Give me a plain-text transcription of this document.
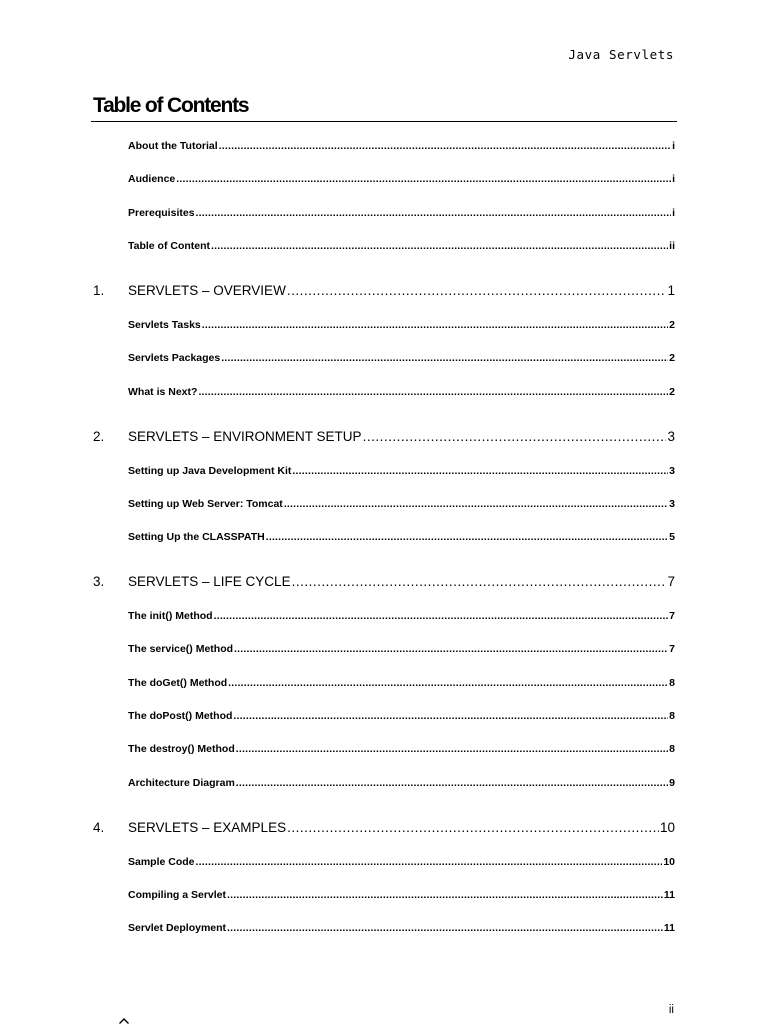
Java Servlets
Table of Contents
About the Tutorial .....	i
Audience .....	i
Prerequisites .....	i
Table of Content .....	ii
1.	SERVLETS – OVERVIEW .....	1
Servlets Tasks .....	2
Servlets Packages .....	2
What is Next? .....	2
2.	SERVLETS – ENVIRONMENT SETUP .....	3
Setting up Java Development Kit .....	3
Setting up Web Server: Tomcat .....	3
Setting Up the CLASSPATH .....	5
3.	SERVLETS – LIFE CYCLE .....	7
The init() Method .....	7
The service() Method .....	7
The doGet() Method .....	8
The doPost() Method .....	8
The destroy() Method .....	8
Architecture Diagram .....	9
4.	SERVLETS – EXAMPLES .....	10
Sample Code .....	10
Compiling a Servlet .....	11
Servlet Deployment .....	11
ii
